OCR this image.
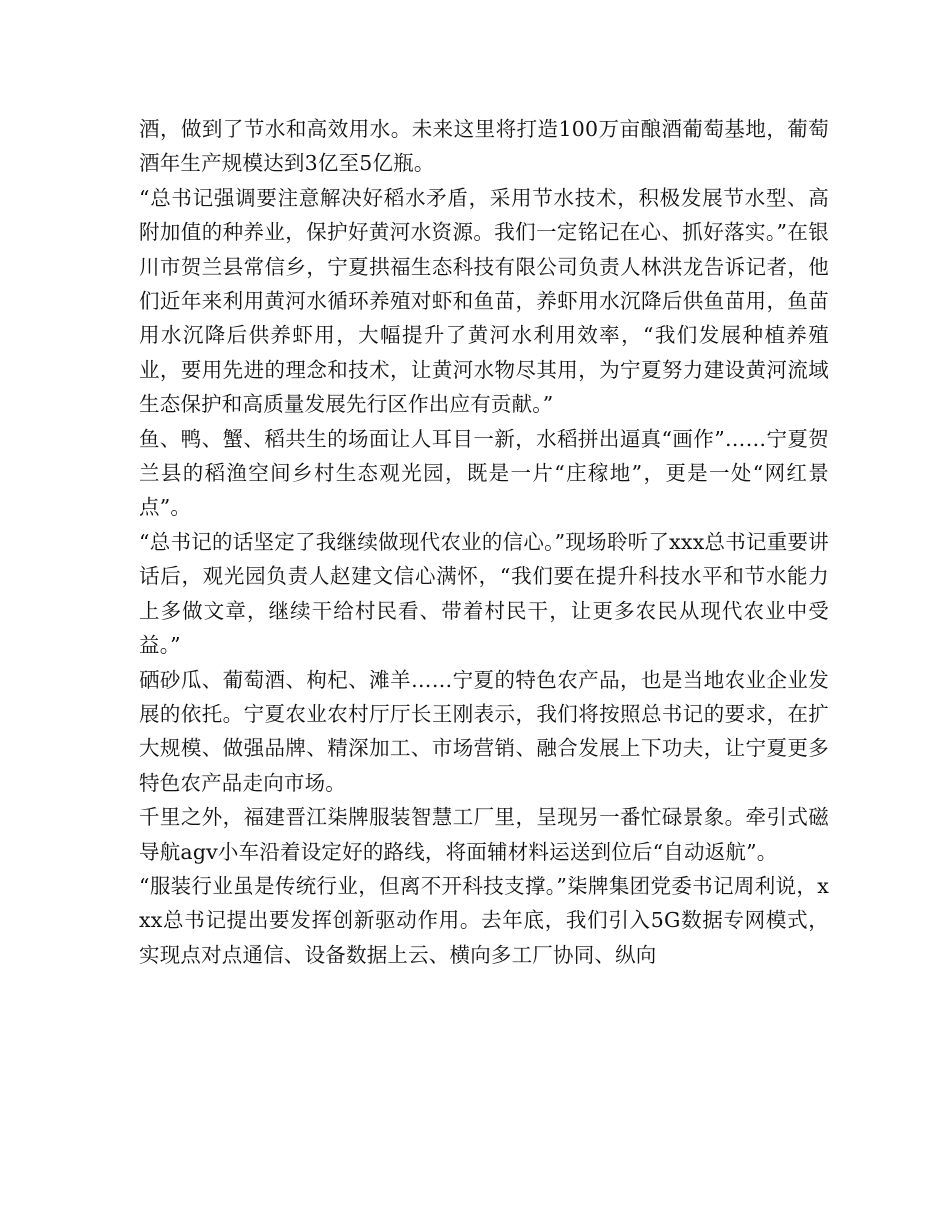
酒，做到了节水和高效用水。未来这里将打造100万亩酿酒葡萄基地，葡萄酒年生产规模达到3亿至5亿瓶。

“总书记强调要注意解决好稻水矛盾，采用节水技术，积极发展节水型、高附加值的种养业，保护好黄河水资源。我们一定铭记在心、抓好落实。”在银川市贺兰县常信乡，宁夏拱福生态科技有限公司负责人林洪龙告诉记者，他们近年来利用黄河水循环养殖对虾和鱼苗，养虾用水沉降后供鱼苗用，鱼苗用水沉降后供养虾用，大幅提升了黄河水利用效率，“我们发展种植养殖业，要用先进的理念和技术，让黄河水物尽其用，为宁夏努力建设黄河流域生态保护和高质量发展先行区作出应有贡献。”

鱼、鸭、蟹、稻共生的场面让人耳目一新，水稻拼出逼真“画作”……宁夏贺兰县的稻渔空间乡村生态观光园，既是一片“庄稼地”，更是一处“网红景点”。

“总书记的话坚定了我继续做现代农业的信心。”现场聆听了xxx总书记重要讲话后，观光园负责人赵建文信心满怀，“我们要在提升科技水平和节水能力上多做文章，继续干给村民看、带着村民干，让更多农民从现代农业中受益。”

硒砂瓜、葡萄酒、枸杞、滩羊……宁夏的特色农产品，也是当地农业企业发展的依托。宁夏农业农村厅厅长王刚表示，我们将按照总书记的要求，在扩大规模、做强品牌、精深加工、市场营销、融合发展上下功夫，让宁夏更多特色农产品走向市场。

千里之外，福建晋江柒牌服装智慧工厂里，呈现另一番忙碌景象。牵引式磁导航agv小车沿着设定好的路线，将面辅材料运送到位后“自动返航”。

“服装行业虽是传统行业，但离不开科技支撑。”柒牌集团党委书记周利说，xxx总书记提出要发挥创新驱动作用。去年底，我们引入5G数据专网模式，实现点对点通信、设备数据上云、横向多工厂协同、纵向
